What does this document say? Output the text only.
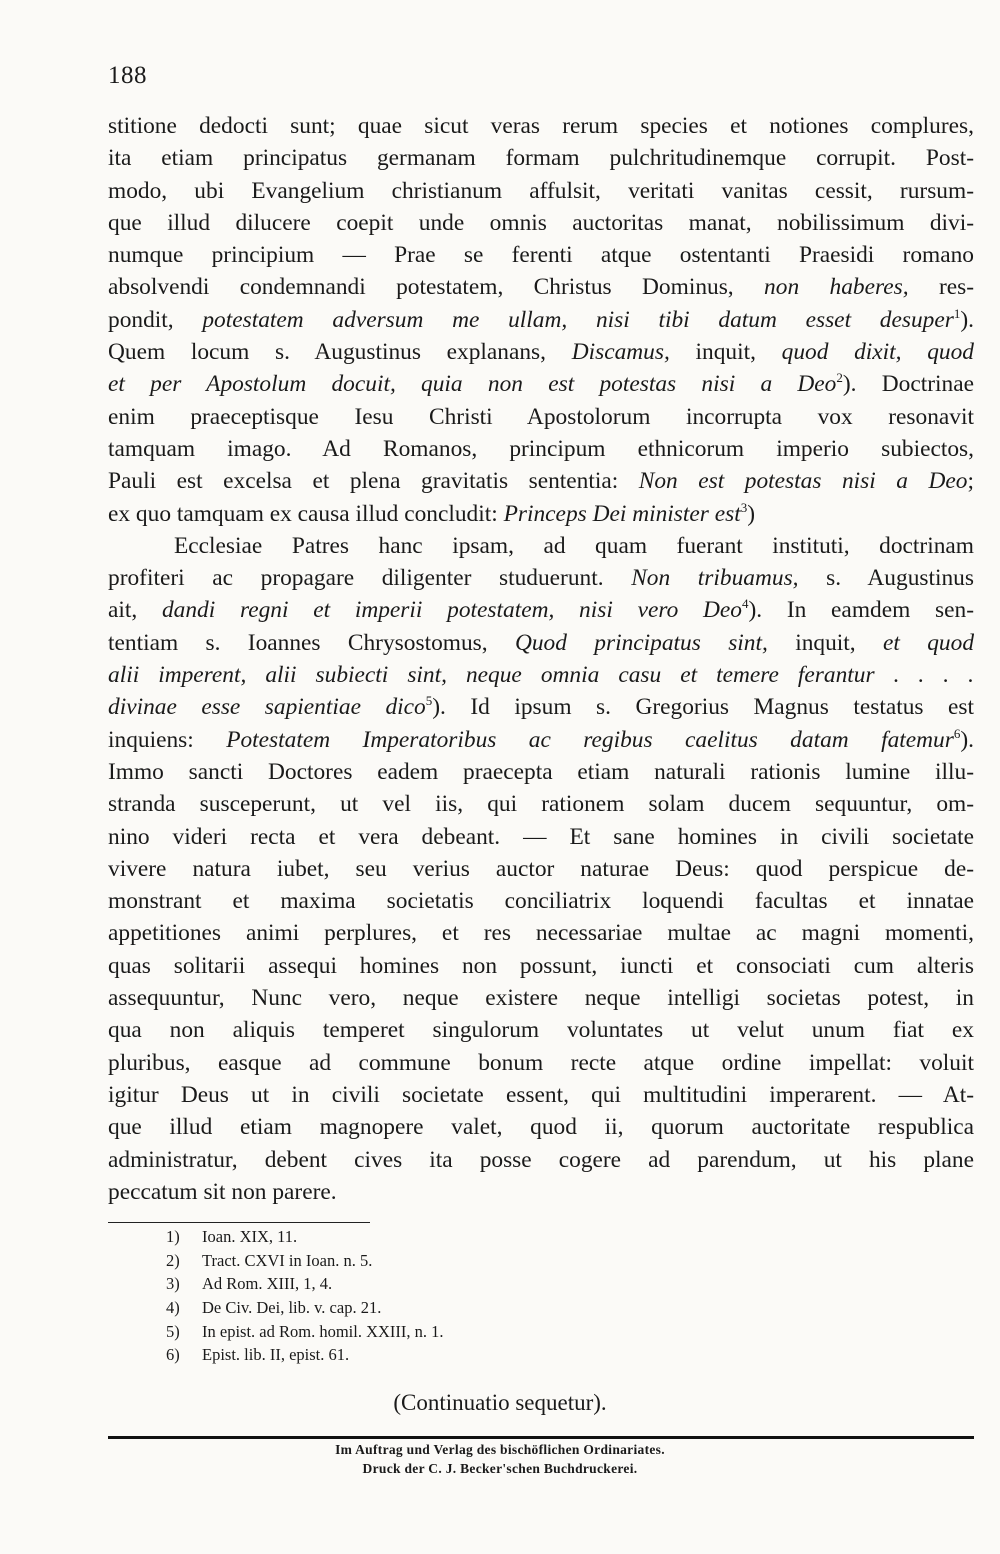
188
stitione dedocti sunt; quae sicut veras rerum species et notiones complures,
ita etiam principatus germanam formam pulchritudinemque corrupit. Post-
modo, ubi Evangelium christianum affulsit, veritati vanitas cessit, rursum-
que illud dilucere coepit unde omnis auctoritas manat, nobilissimum divi-
numque principium — Prae se ferenti atque ostentanti Praesidi romano
absolvendi condemnandi potestatem, Christus Dominus, non haberes, res-
pondit, potestatem adversum me ullam, nisi tibi datum esset desuper$^1$).
Quem locum s. Augustinus explanans, Discamus, inquit, quod dixit, quod
et per Apostolum docuit, quia non est potestas nisi a Deo$^2$). Doctrinae
enim praeceptisque Iesu Christi Apostolorum incorrupta vox resonavit
tamquam imago. Ad Romanos, principum ethnicorum imperio subiectos,
Pauli est excelsa et plena gravitatis sententia: Non est potestas nisi a Deo;
ex quo tamquam ex causa illud concludit: Princeps Dei minister est$^3$)
Ecclesiae Patres hanc ipsam, ad quam fuerant instituti, doctrinam
profiteri ac propagare diligenter studuerunt. Non tribuamus, s. Augustinus
ait, dandi regni et imperii potestatem, nisi vero Deo$^4$). In eamdem sen-
tentiam s. Ioannes Chrysostomus, Quod principatus sint, inquit, et quod
alii imperent, alii subiecti sint, neque omnia casu et temere ferantur . . . .
divinae esse sapientiae dico$^5$). Id ipsum s. Gregorius Magnus testatus est
inquiens: Potestatem Imperatoribus ac regibus caelitus datam fatemur$^6$).
Immo sancti Doctores eadem praecepta etiam naturali rationis lumine illu-
stranda susceperunt, ut vel iis, qui rationem solam ducem sequuntur, om-
nino videri recta et vera debeant. — Et sane homines in civili societate
vivere natura iubet, seu verius auctor naturae Deus: quod perspicue de-
monstrant et maxima societatis conciliatrix loquendi facultas et innatae
appetitiones animi perplures, et res necessariae multae ac magni momenti,
quas solitarii assequi homines non possunt, iuncti et consociati cum alteris
assequuntur, Nunc vero, neque existere neque intelligi societas potest, in
qua non aliquis temperet singulorum voluntates ut velut unum fiat ex
pluribus, easque ad commune bonum recte atque ordine impellat: voluit
igitur Deus ut in civili societate essent, qui multitudini imperarent. — At-
que illud etiam magnopere valet, quod ii, quorum auctoritate respublica
administratur, debent cives ita posse cogere ad parendum, ut his plane
peccatum sit non parere.
1) Ioan. XIX, 11.
2) Tract. CXVI in Ioan. n. 5.
3) Ad Rom. XIII, 1, 4.
4) De Civ. Dei, lib. v. cap. 21.
5) In epist. ad Rom. homil. XXIII, n. 1.
6) Epist. lib. II, epist. 61.
(Continuatio sequetur).
Im Auftrag und Verlag des bischöflichen Ordinariates.
Druck der C. J. Becker'schen Buchdruckerei.
